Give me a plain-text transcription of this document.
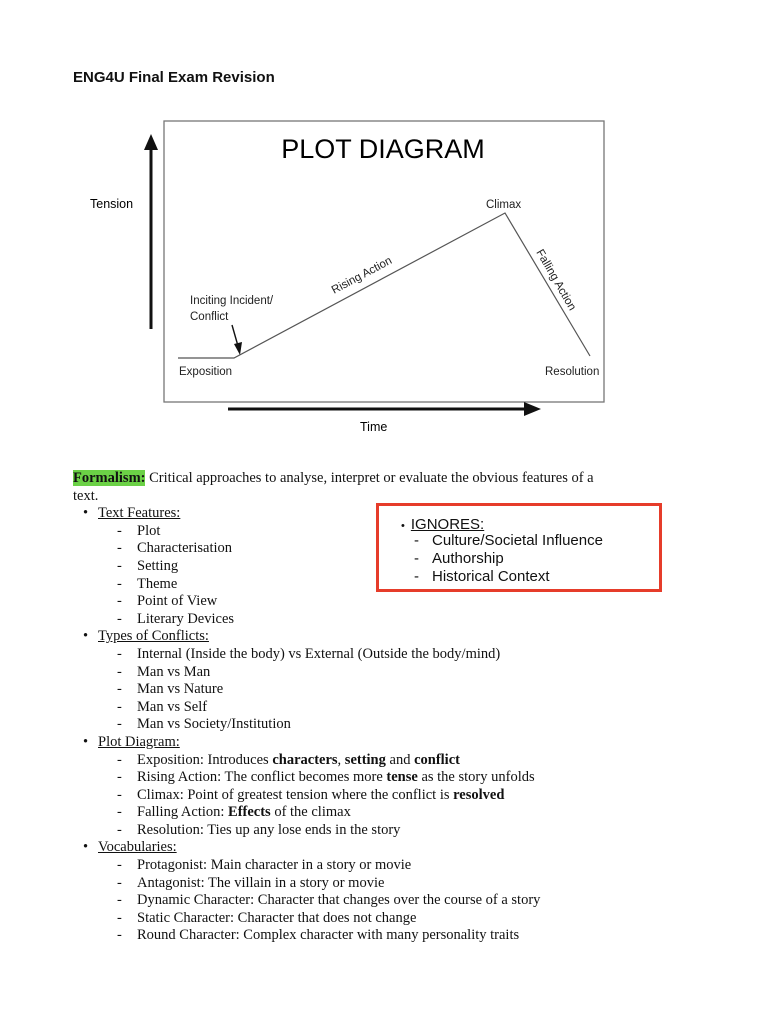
ENG4U Final Exam Revision
PLOT DIAGRAM
Tension
Time
Exposition
Inciting Incident/
Conflict
Rising Action
Climax
Falling Action
Resolution
Formalism: Critical approaches to analyse, interpret or evaluate the obvious features of a
text.
• Text Features:
- Plot
- Characterisation
- Setting
- Theme
- Point of View
- Literary Devices
• Types of Conflicts:
- Internal (Inside the body) vs External (Outside the body/mind)
- Man vs Man
- Man vs Nature
- Man vs Self
- Man vs Society/Institution
• Plot Diagram:
- Exposition: Introduces characters, setting and conflict
- Rising Action: The conflict becomes more tense as the story unfolds
- Climax: Point of greatest tension where the conflict is resolved
- Falling Action: Effects of the climax
- Resolution: Ties up any lose ends in the story
• Vocabularies:
- Protagonist: Main character in a story or movie
- Antagonist: The villain in a story or movie
- Dynamic Character: Character that changes over the course of a story
- Static Character: Character that does not change
- Round Character: Complex character with many personality traits
• IGNORES:
- Culture/Societal Influence
- Authorship
- Historical Context
